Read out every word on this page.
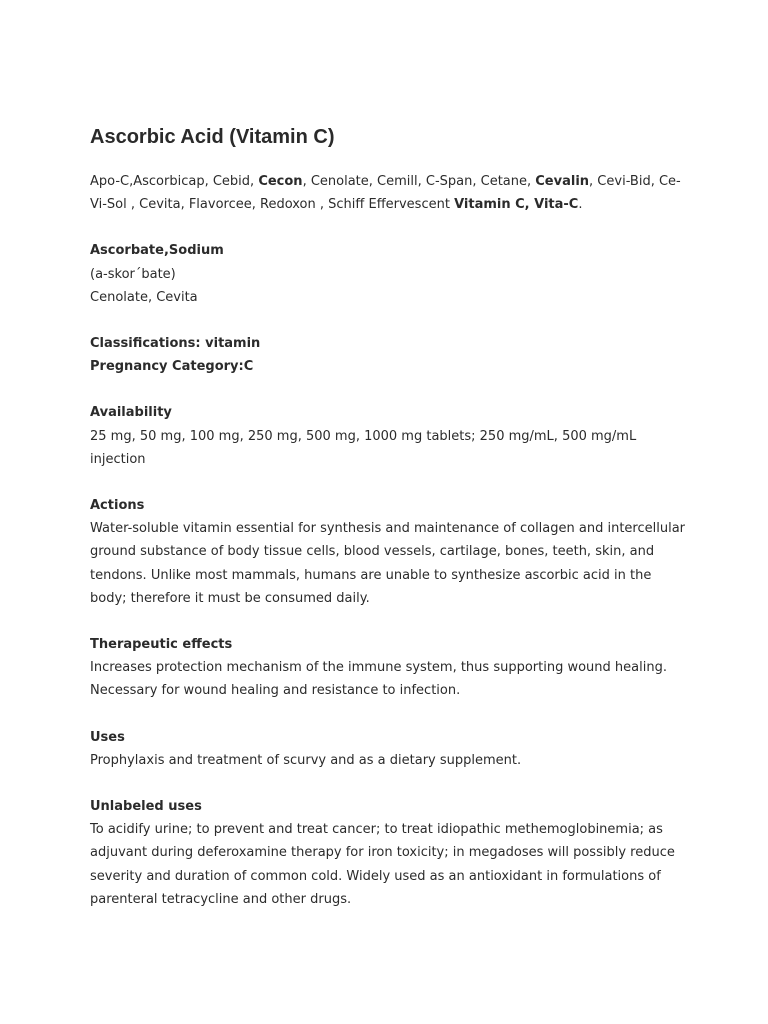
Ascorbic Acid (Vitamin C)

Apo-C,Ascorbicap, Cebid, Cecon, Cenolate, Cemill, C-Span, Cetane, Cevalin, Cevi-Bid, Ce-Vi-Sol , Cevita, Flavorcee, Redoxon , Schiff Effervescent Vitamin C, Vita-C.

Ascorbate,Sodium
(a-skor´bate)
Cenolate, Cevita
Classifications: vitamin
Pregnancy Category:C
Availability

25 mg, 50 mg, 100 mg, 250 mg, 500 mg, 1000 mg tablets; 250 mg/mL, 500 mg/mL injection

Actions

Water-soluble vitamin essential for synthesis and maintenance of collagen and intercellular ground substance of body tissue cells, blood vessels, cartilage, bones, teeth, skin, and tendons. Unlike most mammals, humans are unable to synthesize ascorbic acid in the body; therefore it must be consumed daily.

Therapeutic effects

Increases protection mechanism of the immune system, thus supporting wound healing. Necessary for wound healing and resistance to infection.

Uses

Prophylaxis and treatment of scurvy and as a dietary supplement.

Unlabeled uses

To acidify urine; to prevent and treat cancer; to treat idiopathic methemoglobinemia; as adjuvant during deferoxamine therapy for iron toxicity; in megadoses will possibly reduce severity and duration of common cold. Widely used as an antioxidant in formulations of parenteral tetracycline and other drugs.
